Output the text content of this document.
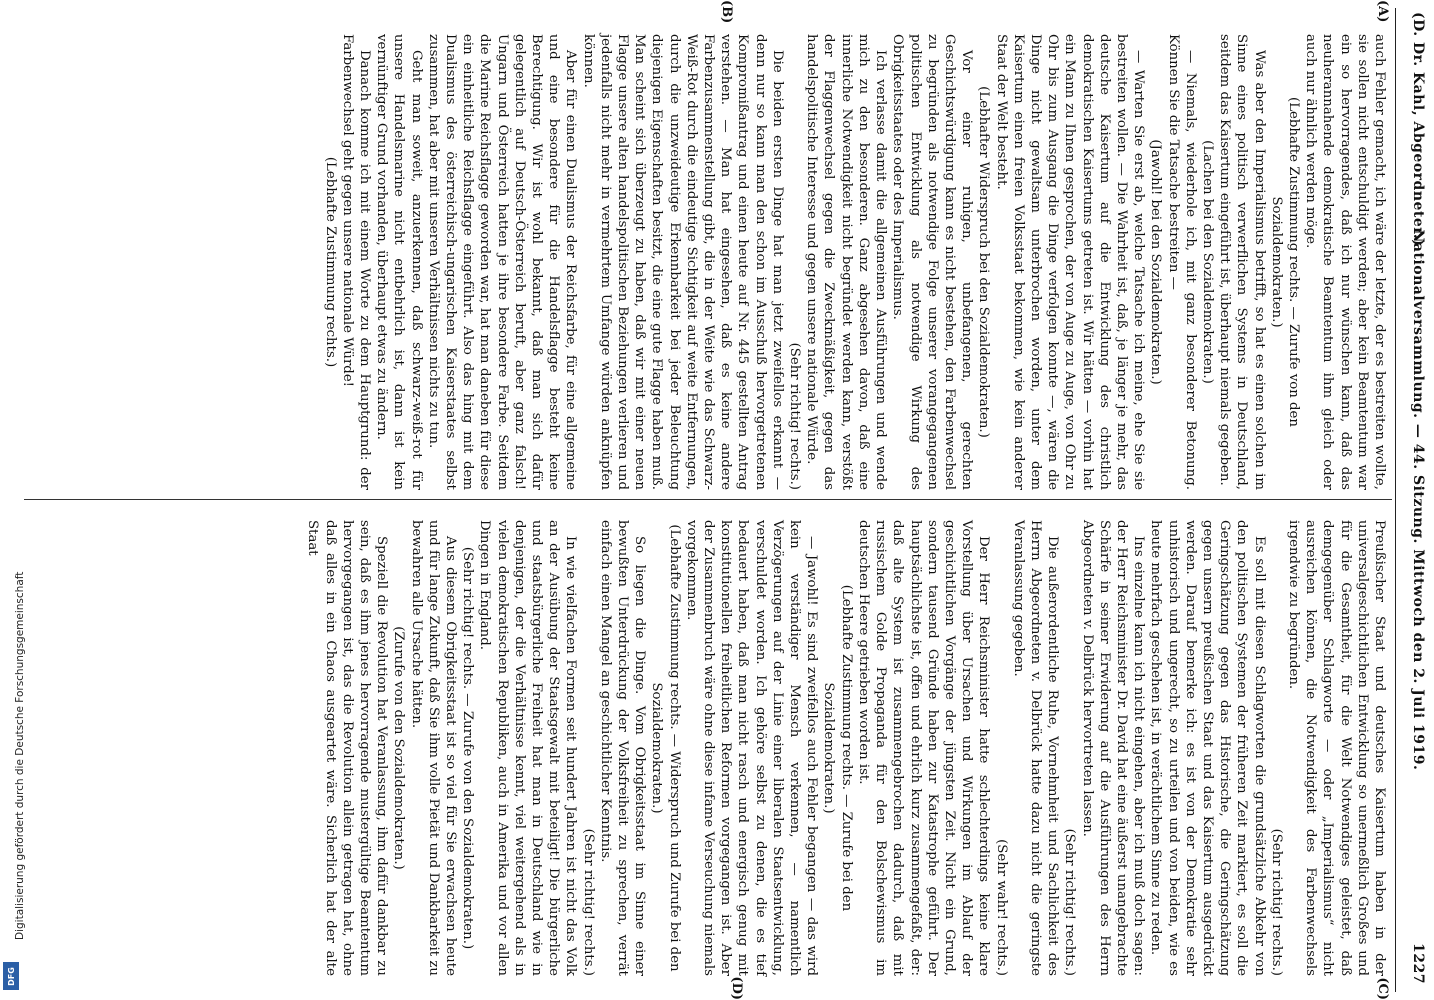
(D. Dr. Kahl, Abgeordneter.)
Nationalversammlung. — 44. Sitzung. Mittwoch den 2. Juli 1919.
1227
(A)
(B)
(C)
(D)

Preußischer Staat und deutsches Kaisertum haben in der universalgeschichtlichen Entwicklung so unermeßlich Großes und für die Gesamtheit, für die Welt Notwendiges geleistet, daß demgegenüber Schlagworte — oder „Imperialismus“ nicht ausreichen können, die Notwendigkeit des Farbenwechsels irgendwie zu begründen.

(Sehr richtig! rechts.)

Es soll mit diesen Schlagworten die grundsätzliche Abkehr von den politischen Systemen der früheren Zeit markiert, es soll die Geringschätzung gegen das Historische, die Geringschätzung gegen unsern preußischen Staat und das Kaisertum ausgedrückt werden. Darauf bemerke ich: es ist von der Demokratie sehr unhistorisch und ungerecht, so zu urteilen und von beiden, wie es heute mehrfach geschehen ist, in verächtlichem Sinne zu reden.

Ins einzelne kann ich nicht eingehen, aber ich muß doch sagen: der Herr Reichsminister Dr. David hat eine äußerst unangebrachte Schärfe in seiner Erwiderung auf die Ausführungen des Herrn Abgeordneten v. Delbrück hervortreten lassen.

(Sehr richtig! rechts.)

Die außerordentliche Ruhe, Vornehmheit und Sachlichkeit des Herrn Abgeordneten v. Delbrück hatte dazu nicht die geringste Veranlassung gegeben.

(Sehr wahr! rechts.)

Der Herr Reichsminister hatte schlechterdings keine klare Vorstellung über Ursachen und Wirkungen im Ablauf der geschichtlichen Vorgänge der jüngsten Zeit. Nicht ein Grund, sondern tausend Gründe haben zur Katastrophe geführt. Der hauptsächlichste ist, offen und ehrlich kurz zusammengefaßt, der: daß alte System ist zusammengebrochen dadurch, daß mit russischem Golde Propaganda für den Bolschewismus im deutschen Heere getrieben worden ist.

(Lebhafte Zustimmung rechts. — Zurufe bei den Sozialdemokraten.)

— Jawohl! Es sind zweifellos auch Fehler begangen — das wird kein verständiger Mensch verkennen, — namentlich Verzögerungen auf der Linie einer liberalen Staatsentwicklung, verschuldet worden. Ich gehöre selbst zu denen, die es tief bedauert haben, daß man nicht rasch und energisch genug mit konstitutionellen freiheitlichen Reformen vorgegangen ist. Aber der Zusammenbruch wäre ohne diese infame Verseuchung niemals vorgekommen.

(Lebhafte Zustimmung rechts. — Widerspruch und Zurufe bei den Sozialdemokraten.)

So liegen die Dinge. Vom Obrigkeitsstaat im Sinne einer bewußten Unterdrückung der Volksfreiheit zu sprechen, verrät einfach einen Mangel an geschichtlicher Kenntnis.

(Sehr richtig! rechts.)

In wie vielfachen Formen seit hundert Jahren ist nicht das Volk an der Ausübung der Staatsgewalt mit beteiligt! Die bürgerliche und staatsbürgerliche Freiheit hat man in Deutschland wie in denjenigen, der die Verhältnisse kennt, viel weitergehend als in vielen demokratischen Republiken, auch in Amerika und vor allen Dingen in England.

(Sehr richtig! rechts. — Zurufe von den Sozialdemokraten.)

Aus diesem Obrigkeitsstaat ist so viel für Sie erwachsen heute und für lange Zukunft, daß Sie ihm volle Pietät und Dankbarkeit zu bewahren alle Ursache hätten.

(Zurufe von den Sozialdemokraten.)

Speziell die Revolution hat Veranlassung, ihm dafür dankbar zu sein, daß es ihm jenes hervorragende mustergültige Beamtentum hervorgegangen ist, das die Revolution allein getragen hat, ohne daß alles in ein Chaos ausgeartet wäre. Sicherlich hat der alte Staat

auch Fehler gemacht, ich wäre der letzte, der es bestreiten wollte, sie sollen nicht entschuldigt werden; aber kein Beamtentum war ein so hervorragendes, daß ich nur wünschen kann, daß das neuherannahende demokratische Beamtentum ihm gleich oder auch nur ähnlich werden möge.

(Lebhafte Zustimmung rechts. — Zurufe von den Sozialdemokraten.)

Was aber den Imperialismus betrifft, so hat es einen solchen im Sinne eines politisch verwerflichen Systems in Deutschland, seitdem das Kaisertum eingeführt ist, überhaupt niemals gegeben.

(Lachen bei den Sozialdemokraten.)

— Niemals, wiederhole ich, mit ganz besonderer Betonung. Können Sie die Tatsache bestreiten —

(Jawohl! bei den Sozialdemokraten.)

— Warten Sie erst ab, welche Tatsache ich meine, ehe Sie sie bestreiten wollen. — Die Wahrheit ist, daß, je länger je mehr, das deutsche Kaisertum auf die Entwicklung des christlich demokratischen Kaisertums getreten ist. Wir hätten — vorhin hat ein Mann zu Ihnen gesprochen, der von Auge zu Auge, von Ohr zu Ohr bis zum Ausgang die Dinge verfolgen konnte —, wären die Dinge nicht gewaltsam unterbrochen worden, unter dem Kaisertum einen freien Volksstaat bekommen, wie kein anderer Staat der Welt besteht.

(Lebhafter Widerspruch bei den Sozialdemokraten.)

Vor einer ruhigen, unbefangenen, gerechten Geschichtswürdigung kann es nicht bestehen, den Farbenwechsel zu begründen als notwendige Folge unserer vorangegangenen politischen Entwicklung als notwendige Wirkung des Obrigkeitsstaates oder des Imperialismus.

Ich verlasse damit die allgemeinen Ausführungen und wende mich zu den besonderen. Ganz abgesehen davon, daß eine innerliche Notwendigkeit nicht begründet werden kann, verstößt der Flaggenwechsel gegen die Zweckmäßigkeit, gegen das handelspolitische Interesse und gegen unsere nationale Würde.

(Sehr richtig! rechts.)

Die beiden ersten Dinge hat man jetzt zweifellos erkannt — denn nur so kann man den schon im Ausschuß hervorgetretenen Kompromißantrag und einen heute auf Nr. 445 gestellten Antrag verstehen. — Man hat eingesehen, daß es keine andere Farbenzusammenstellung gibt, die in der Weite wie das Schwarz-Weiß-Rot durch die eindeutige Sichtigkeit auf weite Entfernungen, durch die unzweideutige Erkennbarkeit bei jeder Beleuchtung diejenigen Eigenschaften besitzt, die eine gute Flagge haben muß. Man scheint sich überzeugt zu haben, daß wir mit einer neuen Flagge unsere alten handelspolitischen Beziehungen verlieren und jedenfalls nicht mehr in vermehrtem Umfange würden anknüpfen können.

Aber für einen Dualismus der Reichsfarbe, für eine allgemeine und eine besondere für die Handelsflagge besteht keine Berechtigung. Wir ist wohl bekannt, daß man sich dafür gelegentlich auf Deutsch-Österreich beruft, aber ganz falsch! Ungarn und Österreich hatten je ihre besondere Farbe. Seitdem die Marine Reichsflagge geworden war, hat man daneben für diese ein einheitliche Reichsflagge eingeführt. Also das hing mit dem Dualismus des österreichisch-ungarischen Kaiserstaates selbst zusammen, hat aber mit unseren Verhältnissen nichts zu tun.

Geht man soweit, anzuerkennen, daß schwarz-weiß-rot für unsere Handelsmarine nicht entbehrlich ist, dann ist kein vernünftiger Grund vorhanden, überhaupt etwas zu ändern.

Danach komme ich mit einem Worte zu dem Hauptgrund: der Farbenwechsel geht gegen unsere nationale Würde!

(Lebhafte Zustimmung rechts.)

Digitalisierung gefördert durch die Deutsche Forschungsgemeinschaft
DFG
